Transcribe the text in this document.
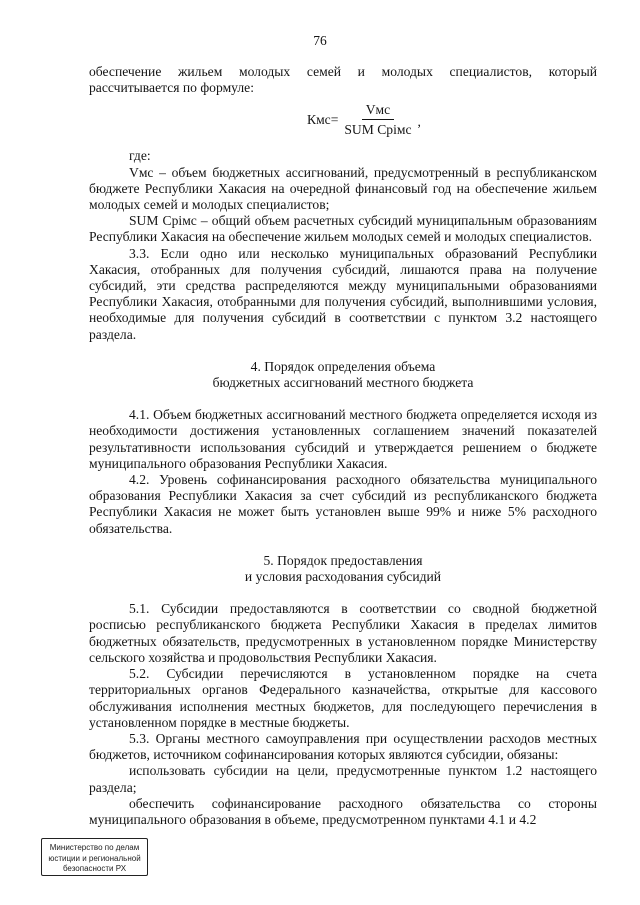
76

обеспечение жильем молодых семей и молодых специалистов, который рассчитывается по формуле:

$Кмс= \frac{\text{Vмс}}{\text{SUM Cpімс}}$ ,

где:

Vмс – объем бюджетных ассигнований, предусмотренный в республиканском бюджете Республики Хакасия на очередной финансовый год на обеспечение жильем молодых семей и молодых специалистов;

SUM Cpімс – общий объем расчетных субсидий муниципальным образованиям Республики Хакасия на обеспечение жильем молодых семей и молодых специалистов.

3.3. Если одно или несколько муниципальных образований Республики Хакасия, отобранных для получения субсидий, лишаются права на получение субсидий, эти средства распределяются между муниципальными образованиями Республики Хакасия, отобранными для получения субсидий, выполнившими условия, необходимые для получения субсидий в соответствии с пунктом 3.2 настоящего раздела.

4. Порядок определения объема

бюджетных ассигнований местного бюджета

4.1. Объем бюджетных ассигнований местного бюджета определяется исходя из необходимости достижения установленных соглашением значений показателей результативности использования субсидий и утверждается решением о бюджете муниципального образования Республики Хакасия.

4.2. Уровень софинансирования расходного обязательства муниципального образования Республики Хакасия за счет субсидий из республиканского бюджета Республики Хакасия не может быть установлен выше 99% и ниже 5% расходного обязательства.

5. Порядок предоставления

и условия расходования субсидий

5.1. Субсидии предоставляются в соответствии со сводной бюджетной росписью республиканского бюджета Республики Хакасия в пределах лимитов бюджетных обязательств, предусмотренных в установленном порядке Министерству сельского хозяйства и продовольствия Республики Хакасия.

5.2. Субсидии перечисляются в установленном порядке на счета территориальных органов Федерального казначейства, открытые для кассового обслуживания исполнения местных бюджетов, для последующего перечисления в установленном порядке в местные бюджеты.

5.3. Органы местного самоуправления при осуществлении расходов местных бюджетов, источником софинансирования которых являются субсидии, обязаны:

использовать субсидии на цели, предусмотренные пунктом 1.2 настоящего раздела;

обеспечить софинансирование расходного обязательства со стороны муниципального образования в объеме, предусмотренном пунктами 4.1 и 4.2

Министерство по делам
юстиции и региональной
безопасности РХ
